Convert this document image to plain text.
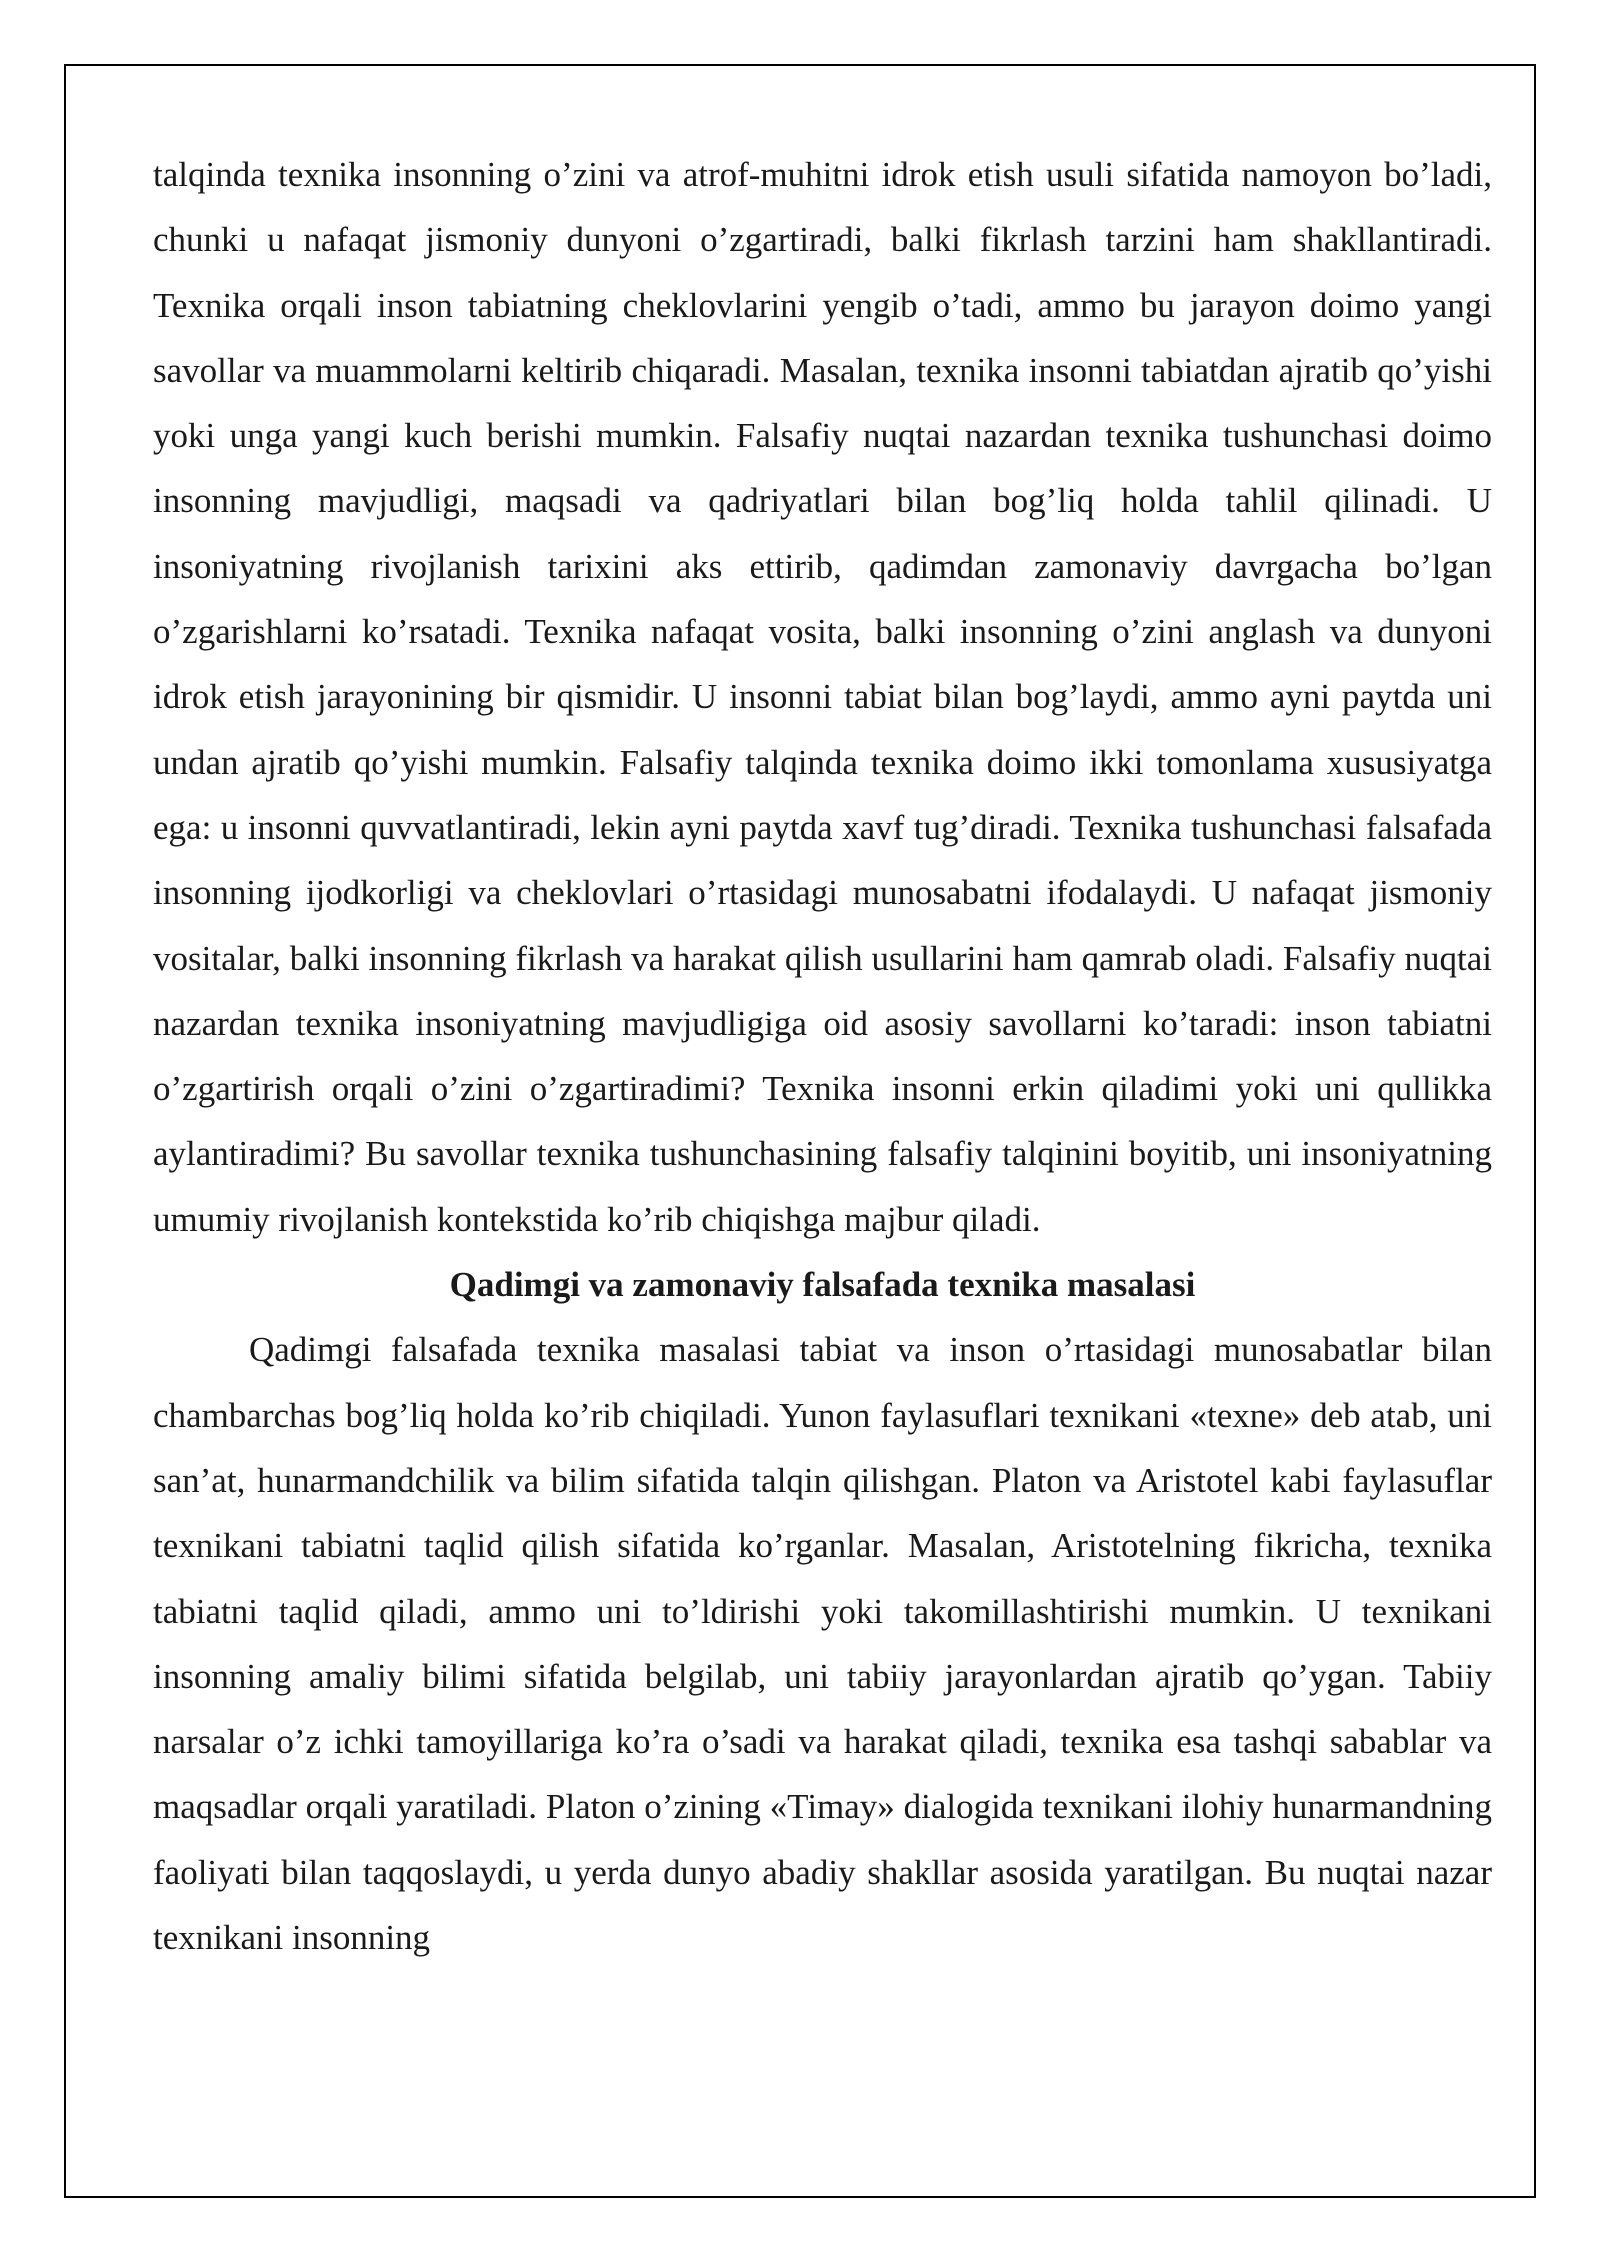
talqinda texnika insonning o’zini va atrof-muhitni idrok etish usuli sifatida namoyon bo’ladi, chunki u nafaqat jismoniy dunyoni o’zgartiradi, balki fikrlash tarzini ham shakllantiradi. Texnika orqali inson tabiatning cheklovlarini yengib o’tadi, ammo bu jarayon doimo yangi savollar va muammolarni keltirib chiqaradi. Masalan, texnika insonni tabiatdan ajratib qo’yishi yoki unga yangi kuch berishi mumkin. Falsafiy nuqtai nazardan texnika tushunchasi doimo insonning mavjudligi, maqsadi va qadriyatlari bilan bog’liq holda tahlil qilinadi. U insoniyatning rivojlanish tarixini aks ettirib, qadimdan zamonaviy davrgacha bo’lgan o’zgarishlarni ko’rsatadi. Texnika nafaqat vosita, balki insonning o’zini anglash va dunyoni idrok etish jarayonining bir qismidir. U insonni tabiat bilan bog’laydi, ammo ayni paytda uni undan ajratib qo’yishi mumkin. Falsafiy talqinda texnika doimo ikki tomonlama xususiyatga ega: u insonni quvvatlantiradi, lekin ayni paytda xavf tug’diradi. Texnika tushunchasi falsafada insonning ijodkorligi va cheklovlari o’rtasidagi munosabatni ifodalaydi. U nafaqat jismoniy vositalar, balki insonning fikrlash va harakat qilish usullarini ham qamrab oladi. Falsafiy nuqtai nazardan texnika insoniyatning mavjudligiga oid asosiy savollarni ko’taradi: inson tabiatni o’zgartirish orqali o’zini o’zgartiradimi? Texnika insonni erkin qiladimi yoki uni qullikka aylantiradimi? Bu savollar texnika tushunchasining falsafiy talqinini boyitib, uni insoniyatning umumiy rivojlanish kontekstida ko’rib chiqishga majbur qiladi.

Qadimgi va zamonaviy falsafada texnika masalasi

Qadimgi falsafada texnika masalasi tabiat va inson o’rtasidagi munosabatlar bilan chambarchas bog’liq holda ko’rib chiqiladi. Yunon faylasuflari texnikani «texne» deb atab, uni san’at, hunarmandchilik va bilim sifatida talqin qilishgan. Platon va Aristotel kabi faylasuflar texnikani tabiatni taqlid qilish sifatida ko’rganlar. Masalan, Aristotelning fikricha, texnika tabiatni taqlid qiladi, ammo uni to’ldirishi yoki takomillashtirishi mumkin. U texnikani insonning amaliy bilimi sifatida belgilab, uni tabiiy jarayonlardan ajratib qo’ygan. Tabiiy narsalar o’z ichki tamoyillariga ko’ra o’sadi va harakat qiladi, texnika esa tashqi sabablar va maqsadlar orqali yaratiladi. Platon o’zining «Timay» dialogida texnikani ilohiy hunarmandning faoliyati bilan taqqoslaydi, u yerda dunyo abadiy shakllar asosida yaratilgan. Bu nuqtai nazar texnikani insonning
